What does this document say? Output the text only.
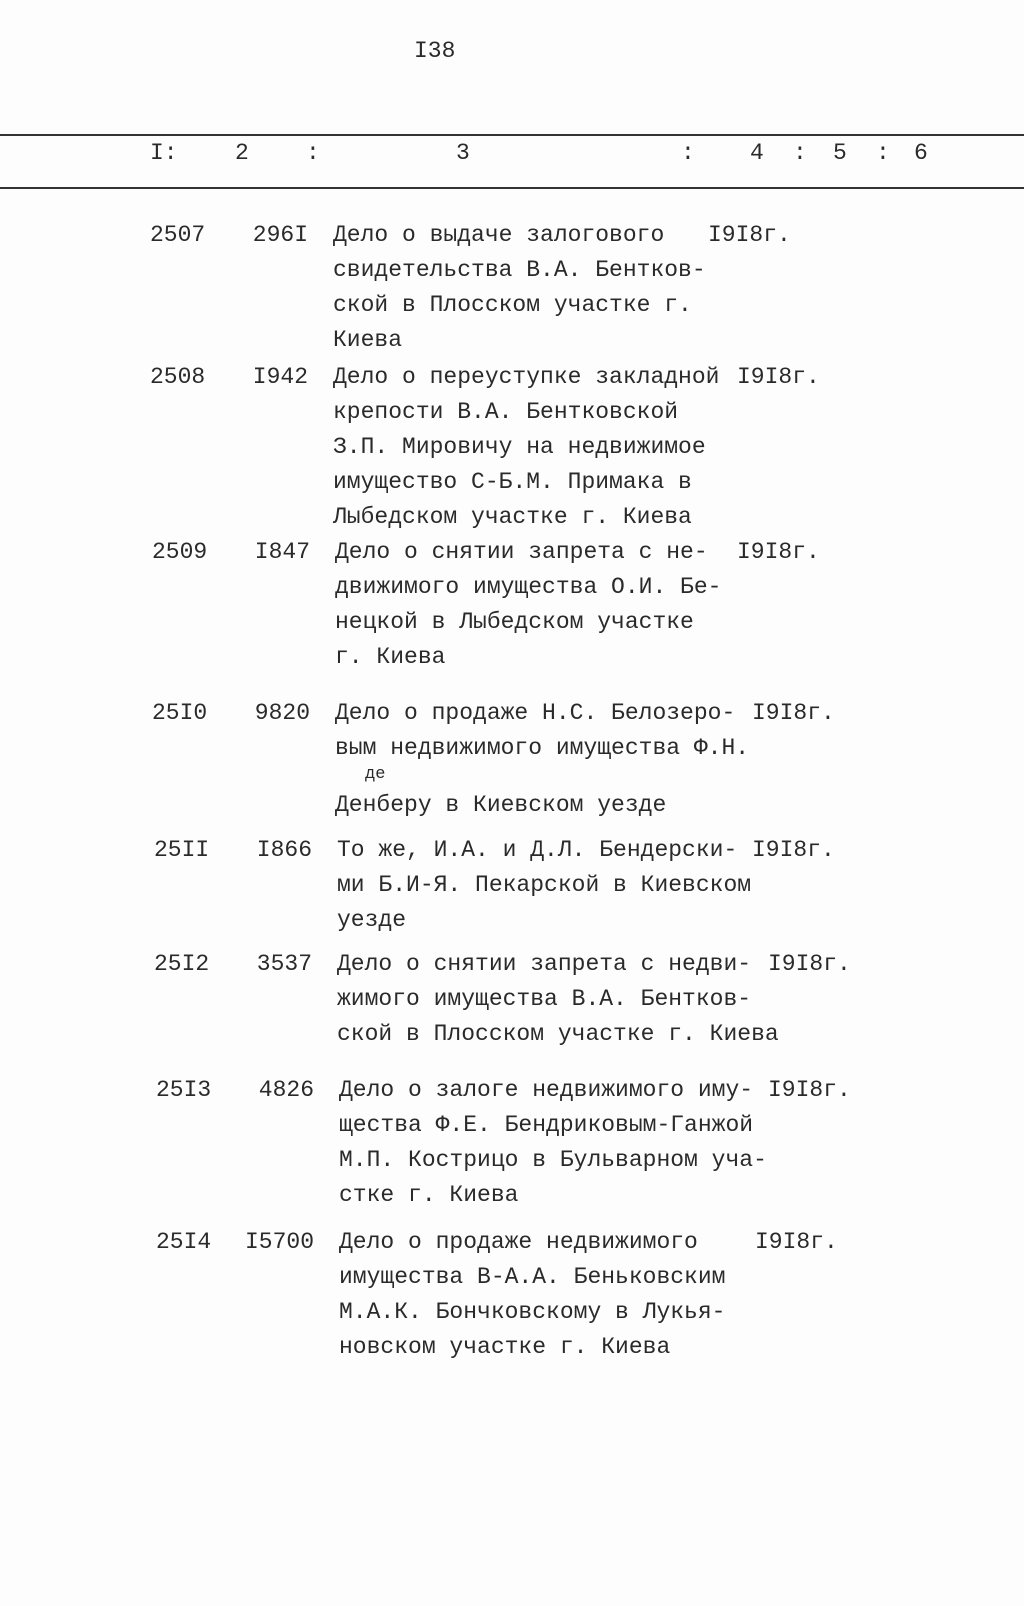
I38
I: 2 :	3	: 4 : 5 : 6
2507	296I Дело о выдаче залогового
свидетельства В.А. Бентков-
ской в Плосском участке г.
Киева
I9I8г.
2508	I942 Дело о переуступке закладной
крепости В.А. Бентковской
З.П. Мировичу на недвижимое
имущество С-Б.М. Примака в
Лыбедском участке г. Киева
I9I8г.
2509	I847 Дело о снятии запрета с не-
движимого имущества О.И. Бе-
нецкой в Лыбедском участке
г. Киева
I9I8г.
25I0	9820 Дело о продаже Н.С. Белозеро-
вым недвижимого имущества Ф.Н.
Денберу в Киевском уезде
I9I8г.
де
25II	I866 То же, И.А. и Д.Л. Бендерски-
ми Б.И-Я. Пекарской в Киевском
уезде
I9I8г.
25I2	3537 Дело о снятии запрета с недви-
жимого имущества В.А. Бентков-
ской в Плосском участке г. Киева
I9I8г.
25I3	4826 Дело о залоге недвижимого иму-
щества Ф.Е. Бендриковым-Ганжой
М.П. Кострицо в Бульварном уча-
стке г. Киева
I9I8г.
25I4	I5700 Дело о продаже недвижимого
имущества В-А.А. Беньковским
М.А.К. Бончковскому в Лукья-
новском участке г. Киева
I9I8г.
